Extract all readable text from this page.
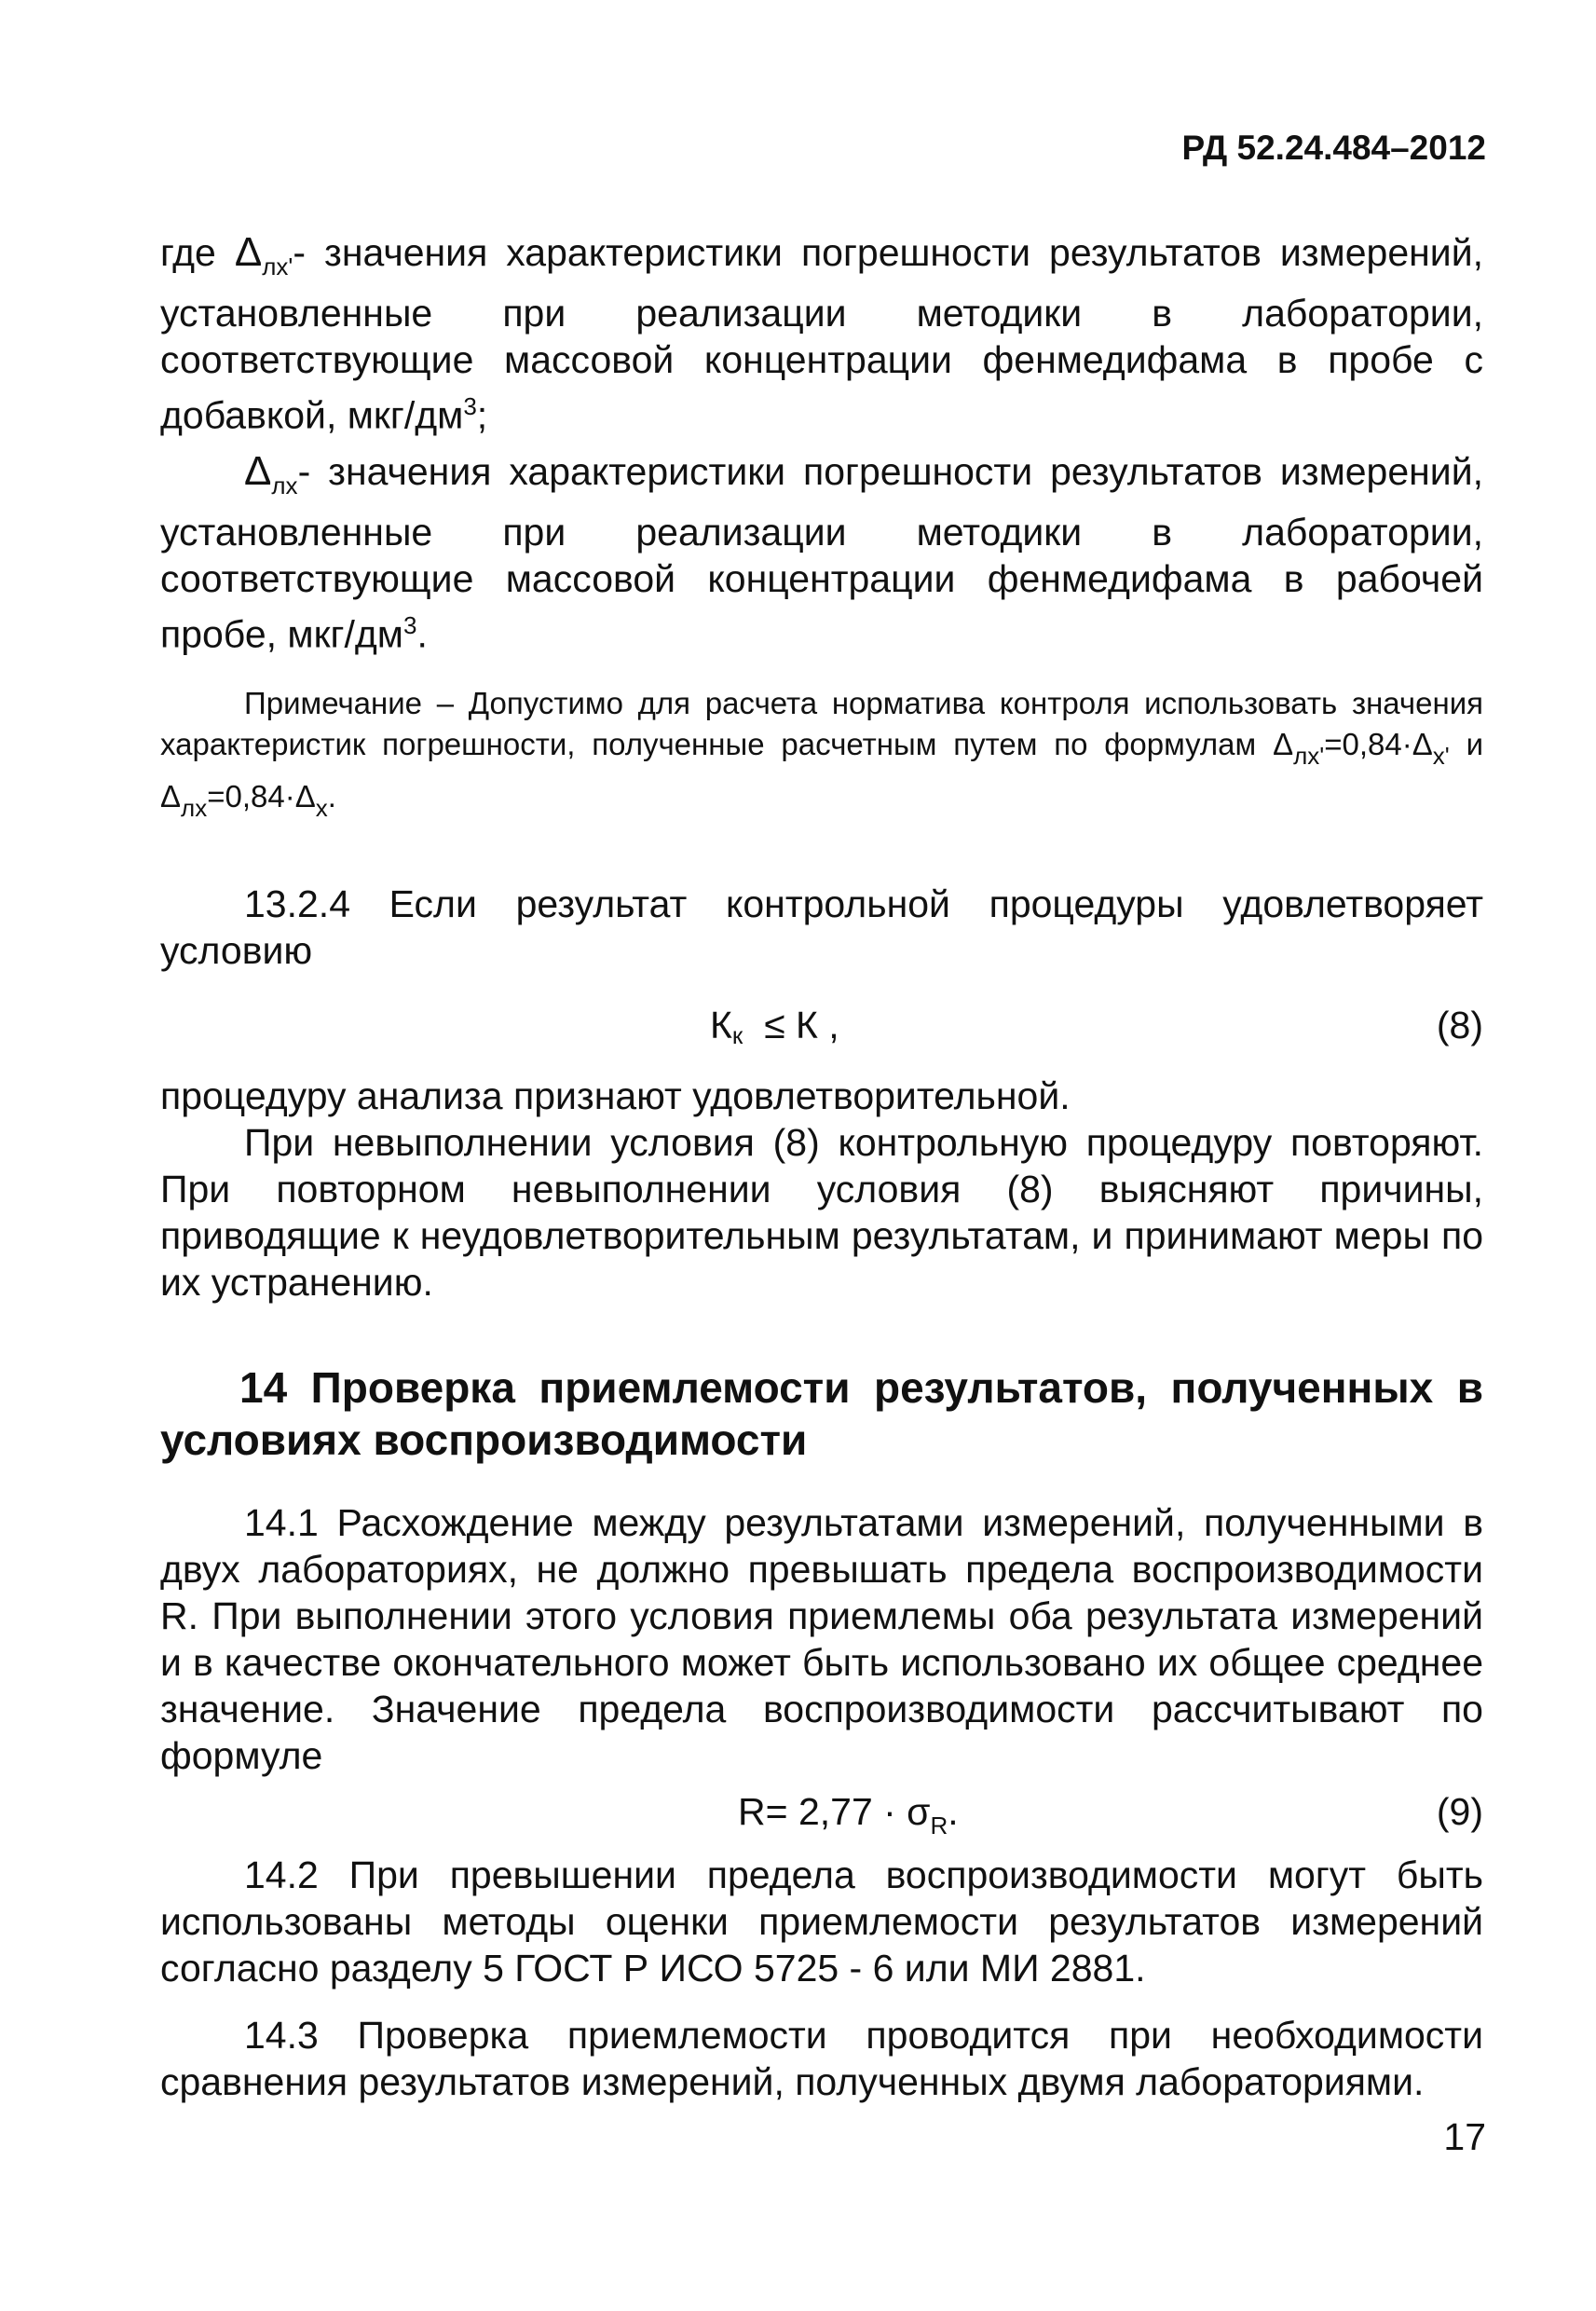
РД 52.24.484–2012

где $\Delta_{лх'}-$ значения характеристики погрешности результатов измерений, установленные при реализации методики в лаборатории, соответствующие массовой концентрации фенмедифама в пробе с добавкой, мкг/$дм^3$;

$\Delta_{лх}-$ значения характеристики погрешности результатов измерений, установленные при реализации методики в лаборатории, соответствующие массовой концентрации фенмедифама в рабочей пробе, мкг/$дм^3$.

Примечание – Допустимо для расчета норматива контроля использовать значения характеристик погрешности, полученные расчетным путем по формулам $\Delta_{лх'}=0,84\cdot\Delta_{х'}$ и $\Delta_{лх}=0,84\cdot\Delta_х$.

13.2.4 Если результат контрольной процедуры удовлетворяет условию

Кк ≤ К ,	(8)

процедуру анализа признают удовлетворительной.

При невыполнении условия (8) контрольную процедуру повторяют. При повторном невыполнении условия (8) выясняют причины, приводящие к неудовлетворительным результатам, и принимают меры по их устранению.

14 Проверка приемлемости результатов, полученных в условиях воспроизводимости

14.1 Расхождение между результатами измерений, полученными в двух лабораториях, не должно превышать предела воспроизводимости R. При выполнении этого условия приемлемы оба результата измерений и в качестве окончательного может быть использовано их общее среднее значение. Значение предела воспроизводимости рассчитывают по формуле

$R= 2,77 \cdot \sigma_R$.	(9)

14.2 При превышении предела воспроизводимости могут быть использованы методы оценки приемлемости результатов измерений согласно разделу 5 ГОСТ Р ИСО 5725 - 6 или МИ 2881.

14.3 Проверка приемлемости проводится при необходимости сравнения результатов измерений, полученных двумя лабораториями.

17
